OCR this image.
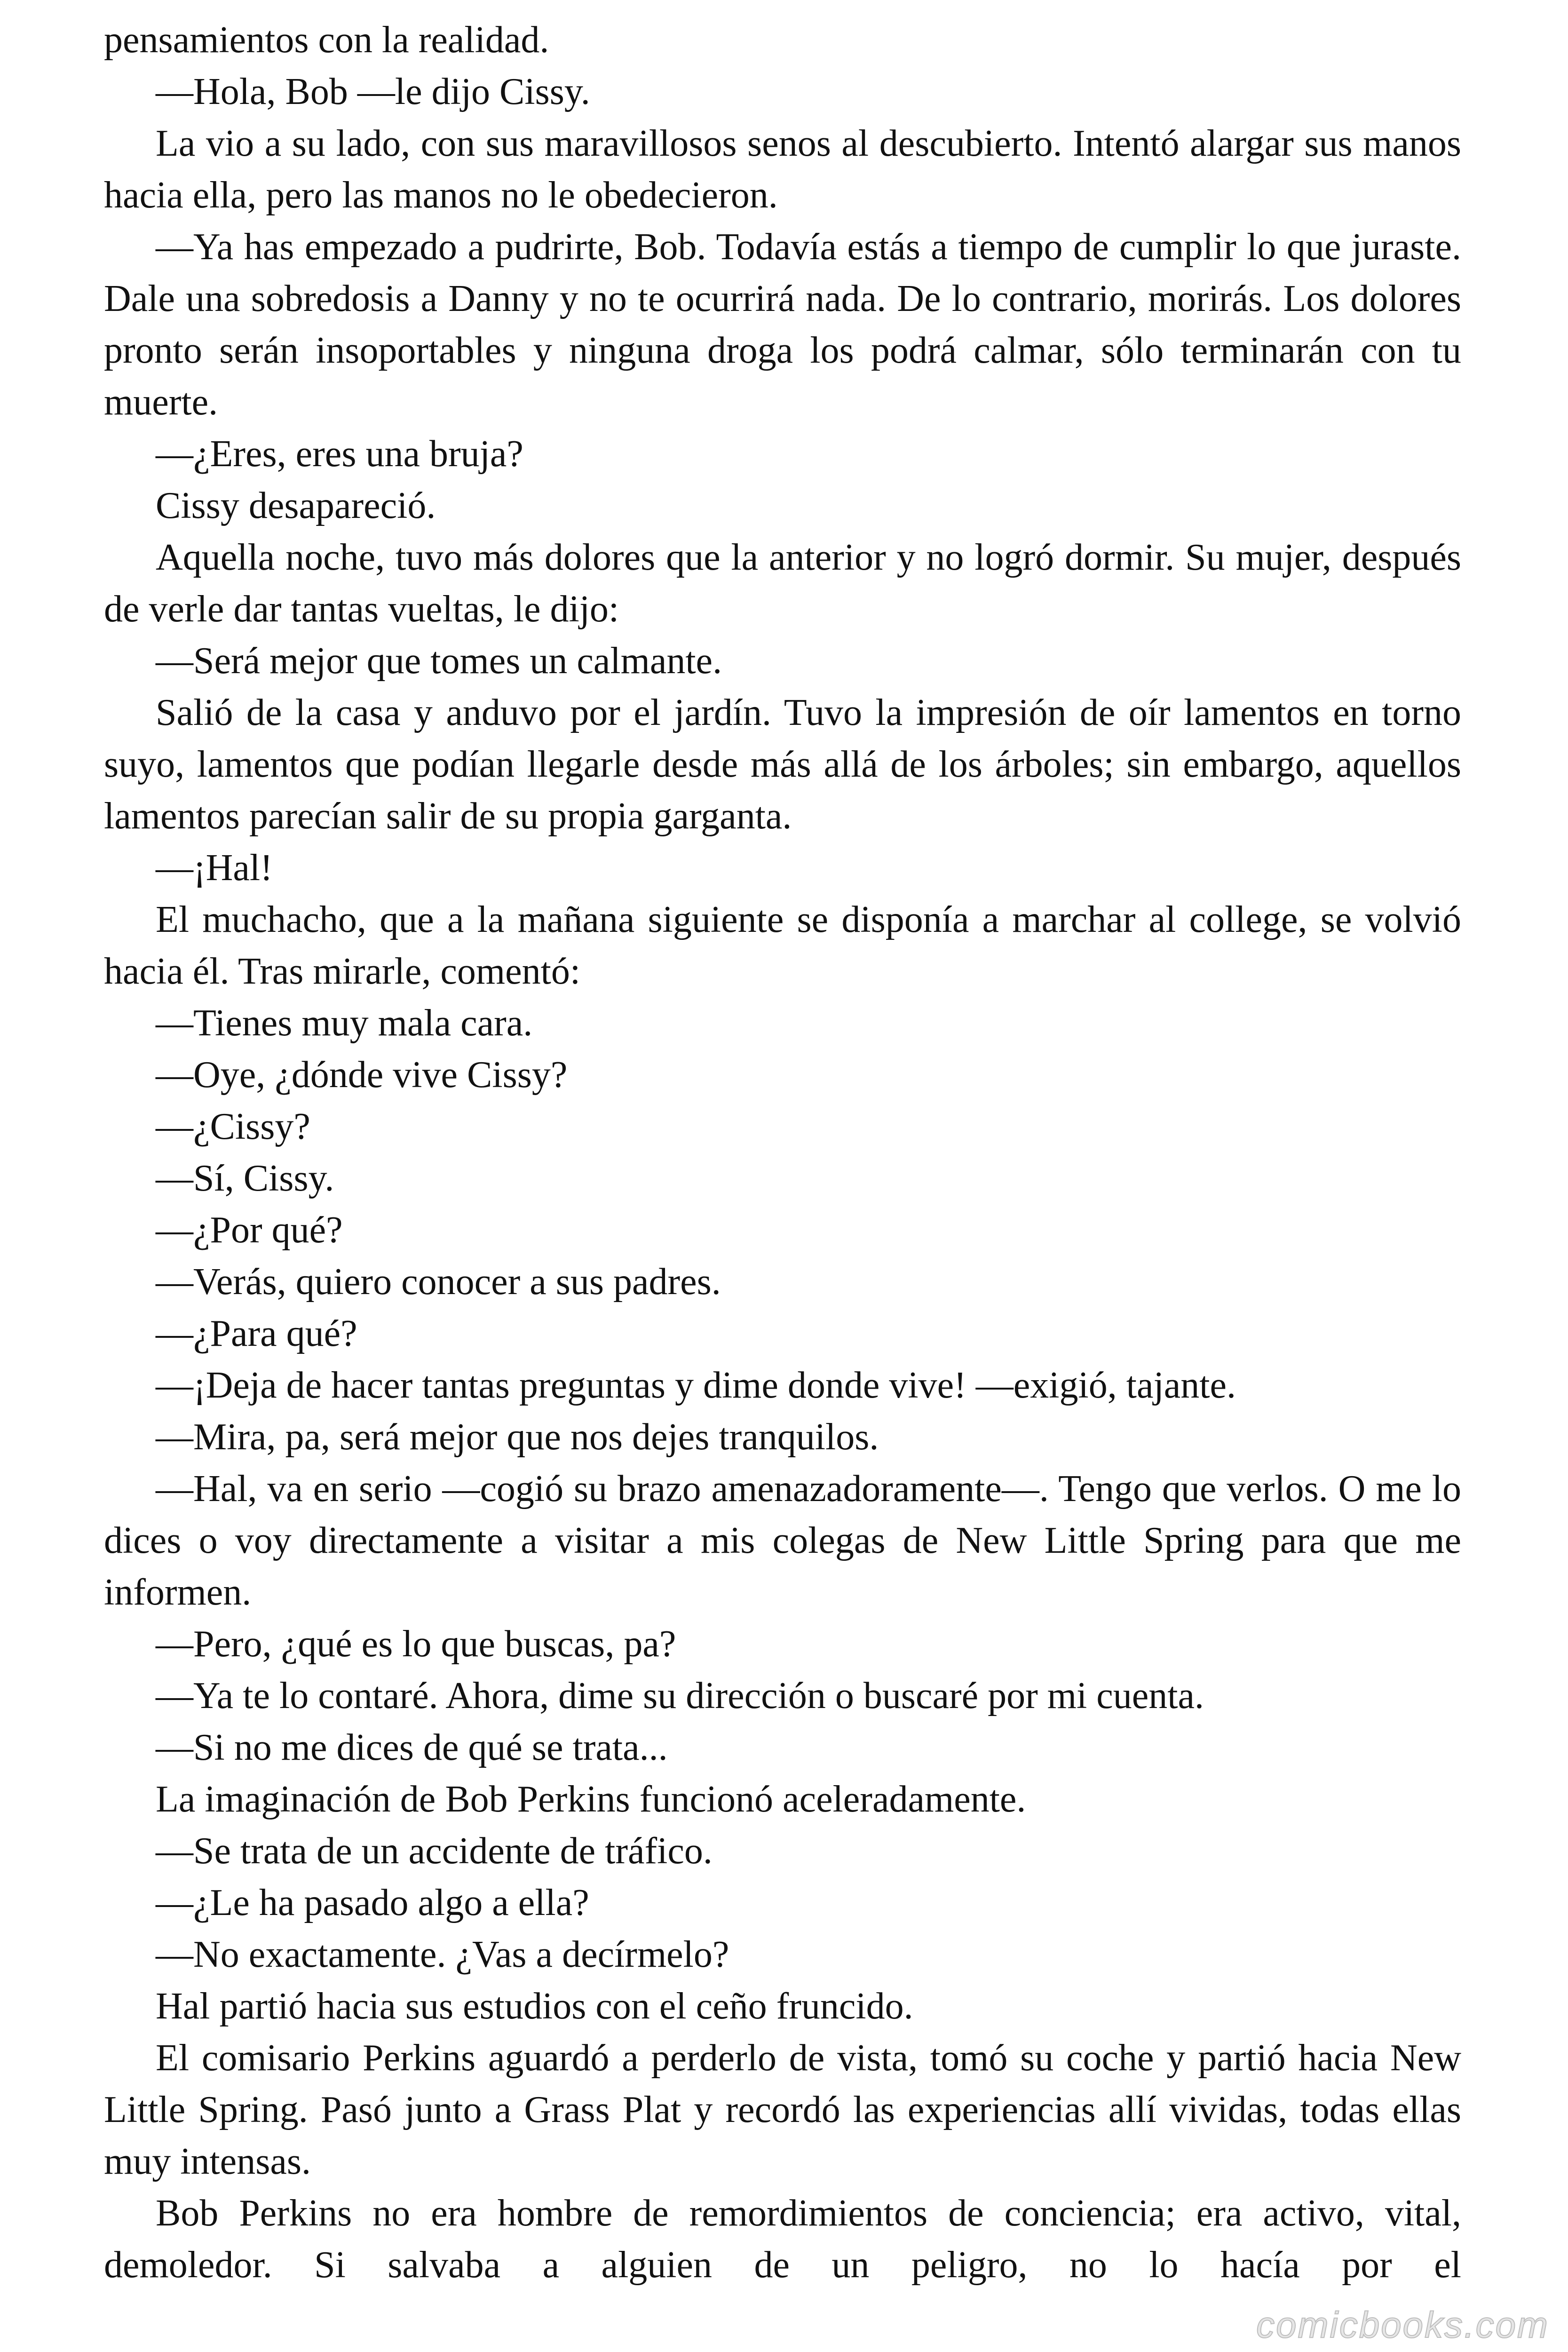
pensamientos con la realidad.

—Hola, Bob —le dijo Cissy.

La vio a su lado, con sus maravillosos senos al descubierto. Intentó alargar sus manos hacia ella, pero las manos no le obedecieron.

—Ya has empezado a pudrirte, Bob. Todavía estás a tiempo de cumplir lo que juraste. Dale una sobredosis a Danny y no te ocurrirá nada. De lo contrario, morirás. Los dolores pronto serán insoportables y ninguna droga los podrá calmar, sólo terminarán con tu muerte.

—¿Eres, eres una bruja?

Cissy desapareció.

Aquella noche, tuvo más dolores que la anterior y no logró dormir. Su mujer, después de verle dar tantas vueltas, le dijo:

—Será mejor que tomes un calmante.

Salió de la casa y anduvo por el jardín. Tuvo la impresión de oír lamentos en torno suyo, lamentos que podían llegarle desde más allá de los árboles; sin embargo, aquellos lamentos parecían salir de su propia garganta.

—¡Hal!

El muchacho, que a la mañana siguiente se disponía a marchar al college, se volvió hacia él. Tras mirarle, comentó:

—Tienes muy mala cara.

—Oye, ¿dónde vive Cissy?

—¿Cissy?

—Sí, Cissy.

—¿Por qué?

—Verás, quiero conocer a sus padres.

—¿Para qué?

—¡Deja de hacer tantas preguntas y dime donde vive! —exigió, tajante.

—Mira, pa, será mejor que nos dejes tranquilos.

—Hal, va en serio —cogió su brazo amenazadoramente—. Tengo que verlos. O me lo dices o voy directamente a visitar a mis colegas de New Little Spring para que me informen.

—Pero, ¿qué es lo que buscas, pa?

—Ya te lo contaré. Ahora, dime su dirección o buscaré por mi cuenta.

—Si no me dices de qué se trata...

La imaginación de Bob Perkins funcionó aceleradamente.

—Se trata de un accidente de tráfico.

—¿Le ha pasado algo a ella?

—No exactamente. ¿Vas a decírmelo?

Hal partió hacia sus estudios con el ceño fruncido.

El comisario Perkins aguardó a perderlo de vista, tomó su coche y partió hacia New Little Spring. Pasó junto a Grass Plat y recordó las experiencias allí vividas, todas ellas muy intensas.

Bob Perkins no era hombre de remordimientos de conciencia; era activo, vital, demoledor. Si salvaba a alguien de un peligro, no lo hacía por el

comicbooks.com
